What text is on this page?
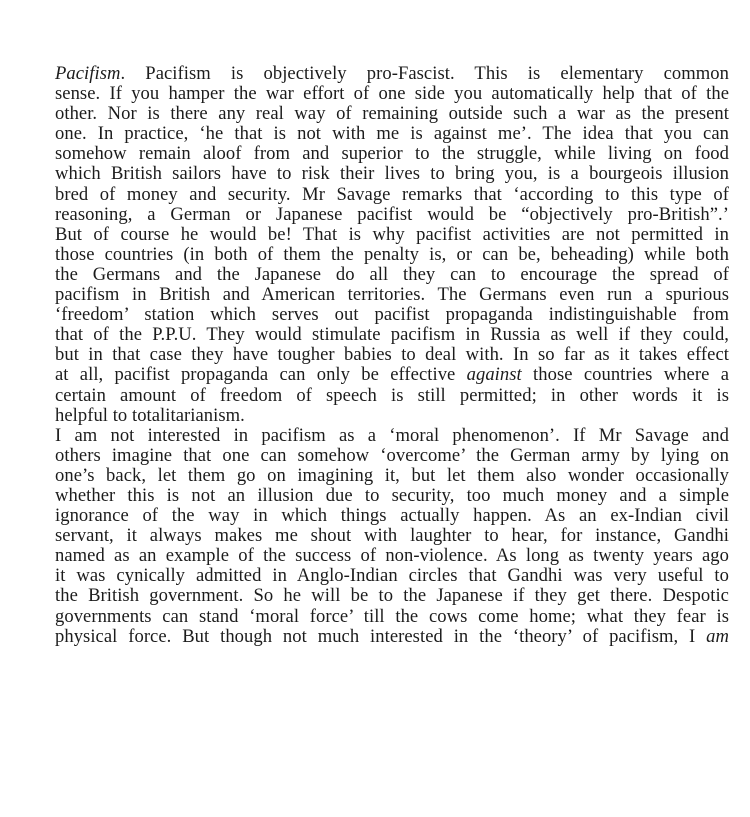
Pacifism. Pacifism is objectively pro-Fascist. This is elementary common
sense. If you hamper the war effort of one side you automatically help that of the
other. Nor is there any real way of remaining outside such a war as the present
one. In practice, ‘he that is not with me is against me’. The idea that you can
somehow remain aloof from and superior to the struggle, while living on food
which British sailors have to risk their lives to bring you, is a bourgeois illusion
bred of money and security. Mr Savage remarks that ‘according to this type of
reasoning, a German or Japanese pacifist would be “objectively pro-British”.’
But of course he would be! That is why pacifist activities are not permitted in
those countries (in both of them the penalty is, or can be, beheading) while both
the Germans and the Japanese do all they can to encourage the spread of
pacifism in British and American territories. The Germans even run a spurious
‘freedom’ station which serves out pacifist propaganda indistinguishable from
that of the P.P.U. They would stimulate pacifism in Russia as well if they could,
but in that case they have tougher babies to deal with. In so far as it takes effect
at all, pacifist propaganda can only be effective against those countries where a
certain amount of freedom of speech is still permitted; in other words it is
helpful to totalitarianism.

I am not interested in pacifism as a ‘moral phenomenon’. If Mr Savage and
others imagine that one can somehow ‘overcome’ the German army by lying on
one’s back, let them go on imagining it, but let them also wonder occasionally
whether this is not an illusion due to security, too much money and a simple
ignorance of the way in which things actually happen. As an ex-Indian civil
servant, it always makes me shout with laughter to hear, for instance, Gandhi
named as an example of the success of non-violence. As long as twenty years ago
it was cynically admitted in Anglo-Indian circles that Gandhi was very useful to
the British government. So he will be to the Japanese if they get there. Despotic
governments can stand ‘moral force’ till the cows come home; what they fear is
physical force. But though not much interested in the ‘theory’ of pacifism, I am
